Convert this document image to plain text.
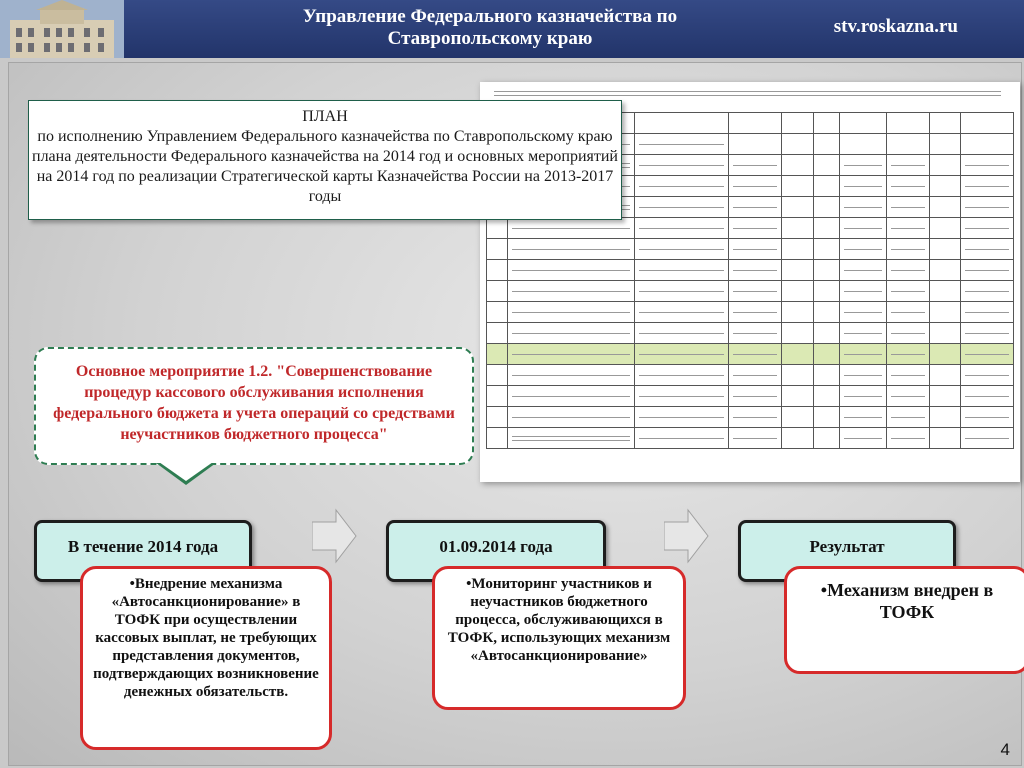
Управление Федерального казначейства по
Ставропольскому краю
stv.roskazna.ru

ПЛАН
по исполнению Управлением Федерального казначейства по Ставропольскому краю плана деятельности Федерального казначейства на 2014 год и основных мероприятий на 2014 год по реализации Стратегической карты Казначейства России на 2013-2017 годы
Основное мероприятие 1.2. "Совершенствование процедур кассового обслуживания исполнения федерального бюджета и учета операций со средствами неучастников бюджетного процесса"
В течение 2014 года	01.09.2014 года	Результат
•Внедрение механизма «Автосанкционирование» в ТОФК при осуществлении кассовых выплат, не требующих представления документов, подтверждающих возникновение денежных обязательств.
•Мониторинг участников и неучастников бюджетного процесса, обслуживающихся в ТОФК, использующих механизм «Автосанкционирование»
•Механизм внедрен в ТОФК
4
